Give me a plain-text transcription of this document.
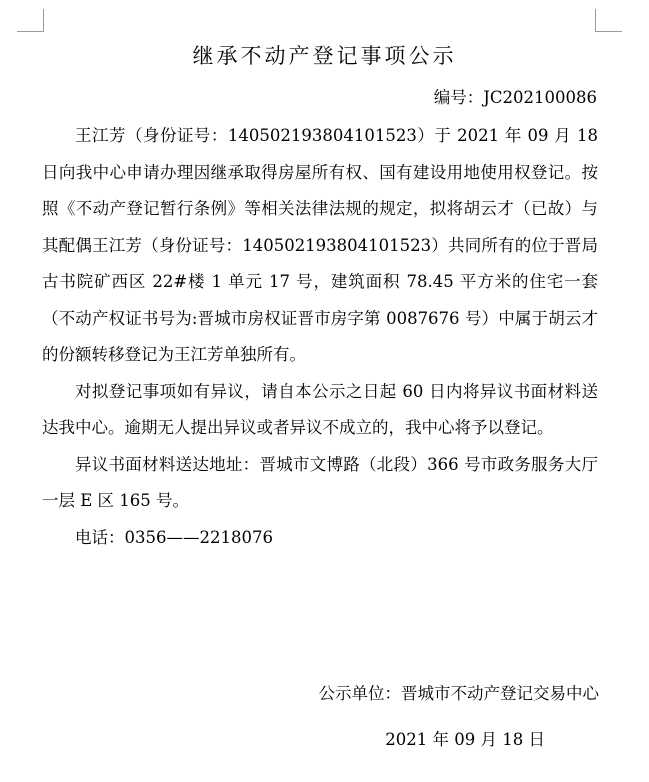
继承不动产登记事项公示
编号：JC202100086

王江芳（身份证号：140502193804101523）于 2021 年 09 月 18 日向我中心申请办理因继承取得房屋所有权、国有建设用地使用权登记。按照《不动产登记暂行条例》等相关法律法规的规定，拟将胡云才（已故）与其配偶王江芳（身份证号：140502193804101523）共同所有的位于晋局古书院矿西区 22#楼 1 单元 17 号，建筑面积 78.45 平方米的住宅一套（不动产权证书号为:晋城市房权证晋市房字第 0087676 号）中属于胡云才的份额转移登记为王江芳单独所有。

对拟登记事项如有异议，请自本公示之日起 60 日内将异议书面材料送达我中心。逾期无人提出异议或者异议不成立的，我中心将予以登记。

异议书面材料送达地址：晋城市文博路（北段）366 号市政务服务大厅一层 E 区 165 号。

电话：0356——2218076

公示单位：晋城市不动产登记交易中心
2021 年 09 月 18 日
